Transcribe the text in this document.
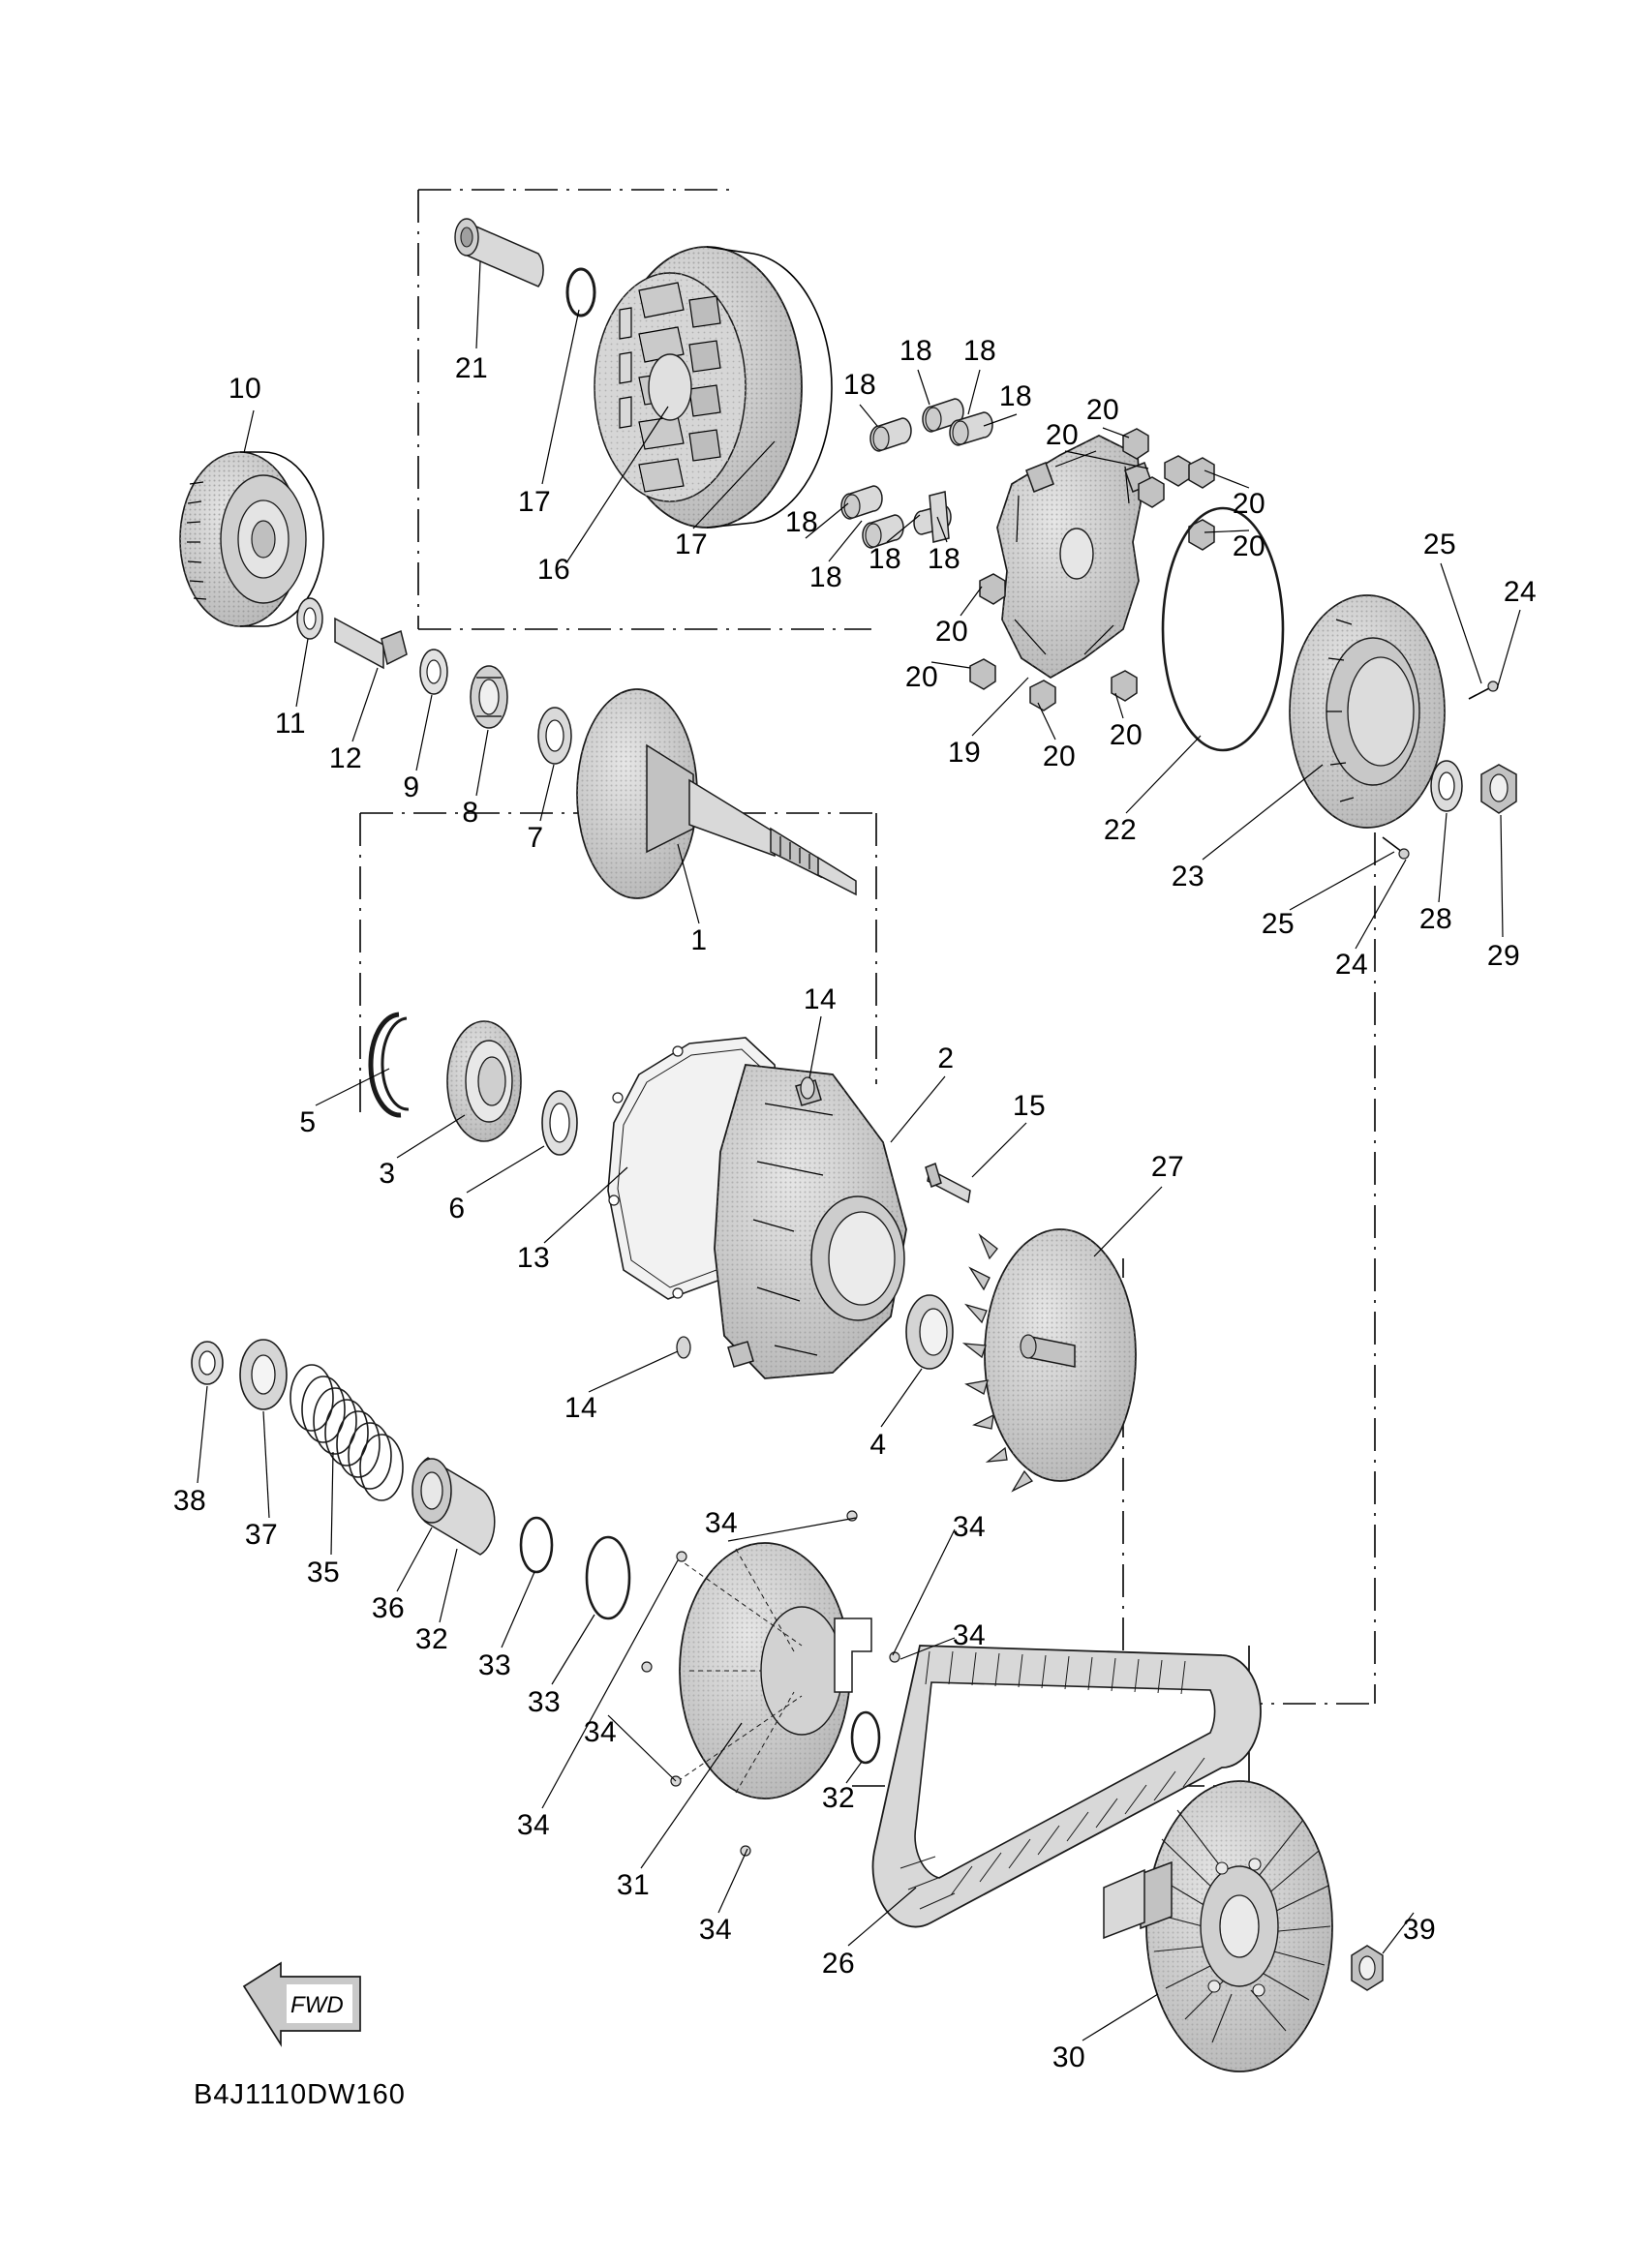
10
21
17
16
17
18
18 18
18
18
18
18 18
20
20
20
20
20
20
20
20
19
22
23
25
24
25
24
28
29
11
12
9
8
7
1
5
3
6
13
14
14
2
15
4
27
38
37
35
36
32
33
33
34
34
31
34
34	34
34
32
26
30
39
FWD
B4J1110DW160
